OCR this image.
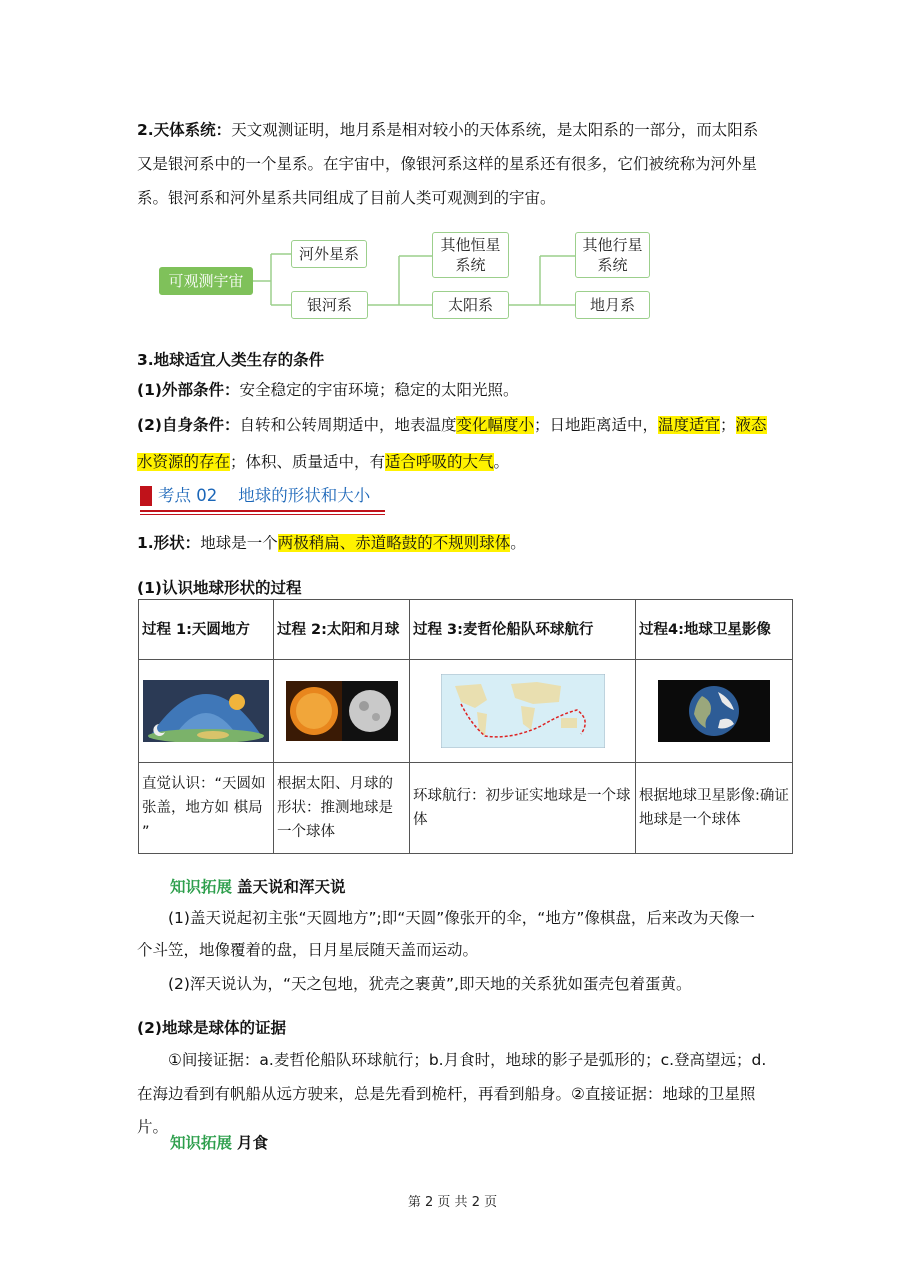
2.天体系统：天文观测证明，地月系是相对较小的天体系统，是太阳系的一部分，而太阳系

又是银河系中的一个星系。在宇宙中，像银河系这样的星系还有很多，它们被统称为河外星

系。银河系和河外星系共同组成了目前人类可观测到的宇宙。

可观测宇宙
河外星系
银河系
其他恒星
系统
太阳系
其他行星
系统
地月系

3.地球适宜人类生存的条件

(1)外部条件：安全稳定的宇宙环境；稳定的太阳光照。

(2)自身条件：自转和公转周期适中，地表温度变化幅度小；日地距离适中，温度适宜；液态

水资源的存在；体积、质量适中，有适合呼吸的大气。

考点 02    地球的形状和大小

1.形状：地球是一个两极稍扁、赤道略鼓的不规则球体。

(1)认识地球形状的过程

过程 1:天圆地方	过程 2:太阳和月球	过程 3:麦哲伦船队环球航行	过程4:地球卫星影像

直觉认识：“天圆如张盖，地方如 棋局 ”	根据太阳、月球的形状：推测地球是一个球体	环球航行：初步证实地球是一个球体	根据地球卫星影像:确证地球是一个球体

知识拓展 盖天说和浑天说

(1)盖天说起初主张“天圆地方”;即“天圆”像张开的伞，“地方”像棋盘，后来改为天像一

个斗笠，地像覆着的盘，日月星辰随天盖而运动。

(2)浑天说认为，“天之包地，犹壳之裹黄”,即天地的关系犹如蛋壳包着蛋黄。

(2)地球是球体的证据

①间接证据：a.麦哲伦船队环球航行；b.月食时，地球的影子是弧形的；c.登高望远；d.

在海边看到有帆船从远方驶来，总是先看到桅杆，再看到船身。②直接证据：地球的卫星照片。

知识拓展 月食

第 2 页 共 2 页
